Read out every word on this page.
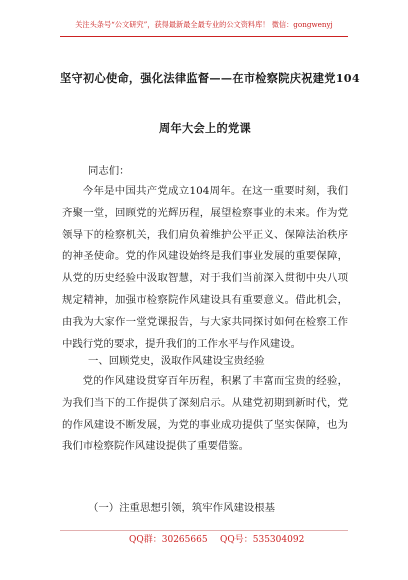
关注头条号“公文研究”，获得最新最全最专业的公文资料库！ 微信：gongwenyj
坚守初心使命，强化法律监督——在市检察院庆祝建党104
周年大会上的党课
同志们：
今年是中国共产党成立104周年。在这一重要时刻，我们齐聚一堂，回顾党的光辉历程，展望检察事业的未来。作为党领导下的检察机关，我们肩负着维护公平正义、保障法治秩序的神圣使命。党的作风建设始终是我们事业发展的重要保障，从党的历史经验中汲取智慧，对于我们当前深入贯彻中央八项规定精神，加强市检察院作风建设具有重要意义。借此机会，由我为大家作一堂党课报告，与大家共同探讨如何在检察工作中践行党的要求，提升我们的工作水平与作风建设。
一、回顾党史，汲取作风建设宝贵经验
党的作风建设贯穿百年历程，积累了丰富而宝贵的经验，为我们当下的工作提供了深刻启示。从建党初期到新时代，党的作风建设不断发展，为党的事业成功提供了坚实保障，也为我们市检察院作风建设提供了重要借鉴。
（一）注重思想引领，筑牢作风建设根基
QQ群：30265665 QQ号：535304092
